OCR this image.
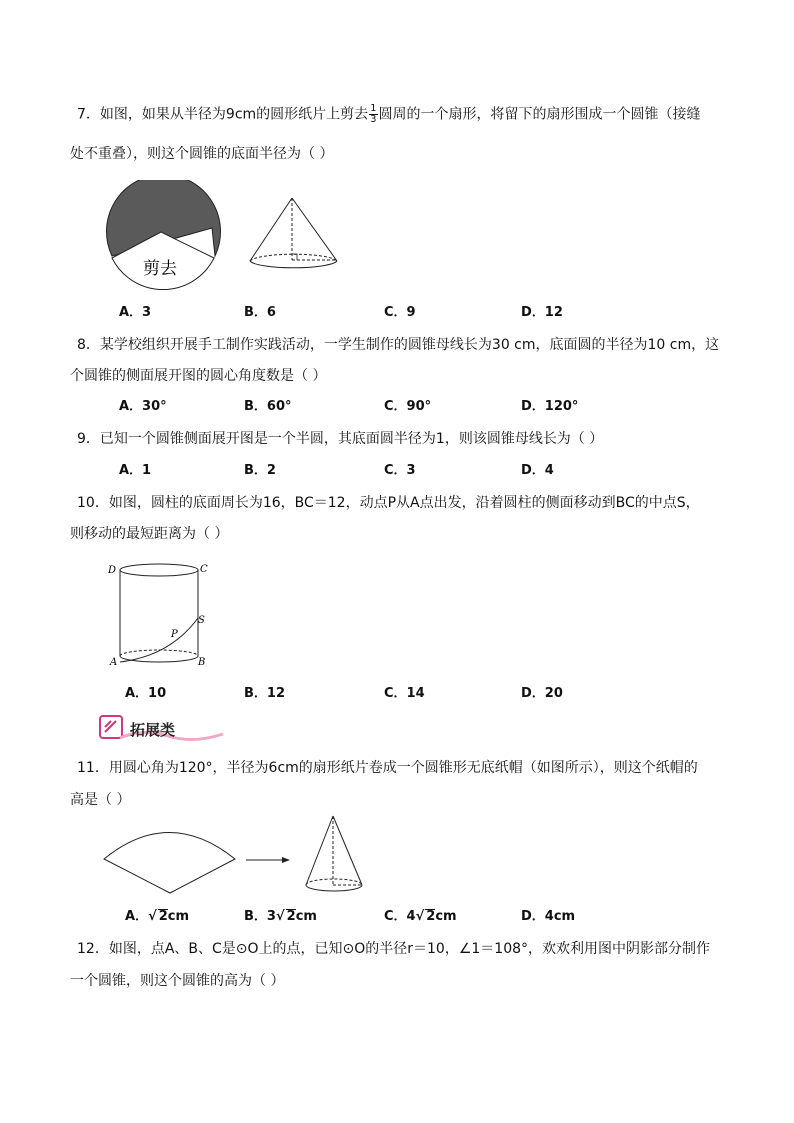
7．如图，如果从半径为9cm的圆形纸片上剪去 $\frac{1}{3}$ 圆周的一个扇形，将留下的扇形围成一个圆锥（接缝
处不重叠），则这个圆锥的底面半径为（ ）
剪去
A．3	B．6	C．9	D．12
8．某学校组织开展手工制作实践活动，一学生制作的圆锥母线长为30 cm，底面圆的半径为10 cm，这
个圆锥的侧面展开图的圆心角度数是（ ）
A．30°	B．60°	C．90°	D．120°
9．已知一个圆锥侧面展开图是一个半圆，其底面圆半径为1，则该圆锥母线长为（ ）
A．1	B．2	C．3	D．4
10．如图，圆柱的底面周长为16，BC＝12，动点P从A点出发，沿着圆柱的侧面移动到BC的中点S，
则移动的最短距离为（ ）
D	C
S
P
A	B
A．10	B．12	C．14	D．20
拓展类
11．用圆心角为120°，半径为6cm的扇形纸片卷成一个圆锥形无底纸帽（如图所示），则这个纸帽的
高是（ ）
A．√ 2cm	B．3√ 2cm	C．4√ 2cm	D．4cm
12．如图，点A、B、C是⊙O上的点，已知⊙O的半径r＝10，∠1＝108°，欢欢利用图中阴影部分制作
一个圆锥，则这个圆锥的高为（ ）
